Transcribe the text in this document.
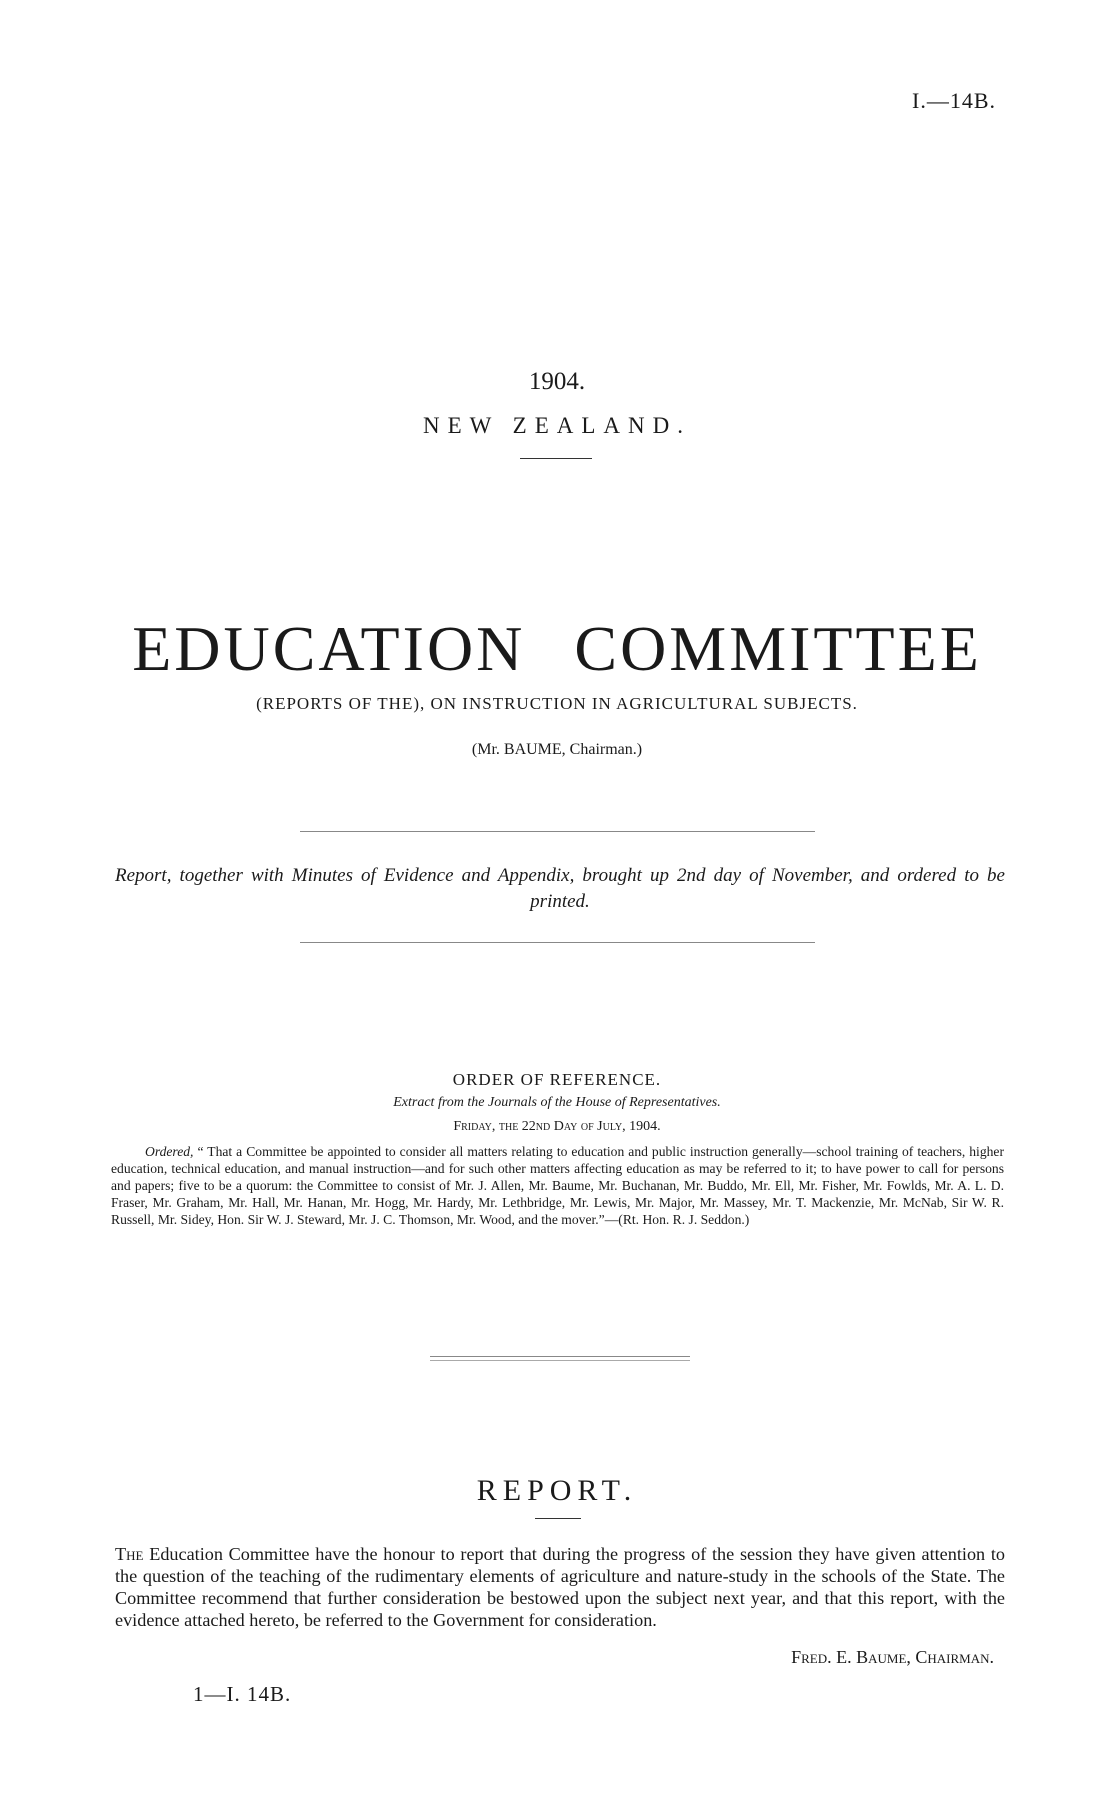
I.—14B.
1904.
NEW ZEALAND.
EDUCATION COMMITTEE
(REPORTS OF THE), ON INSTRUCTION IN AGRICULTURAL SUBJECTS.
(Mr. BAUME, Chairman.)
Report, together with Minutes of Evidence and Appendix, brought up 2nd day of November, and ordered to be printed.
ORDER OF REFERENCE.
Extract from the Journals of the House of Representatives.
Friday, the 22nd Day of July, 1904.
Ordered, “ That a Committee be appointed to consider all matters relating to education and public instruction generally—school training of teachers, higher education, technical education, and manual instruction—and for such other matters affecting education as may be referred to it; to have power to call for persons and papers; five to be a quorum: the Committee to consist of Mr. J. Allen, Mr. Baume, Mr. Buchanan, Mr. Buddo, Mr. Ell, Mr. Fisher, Mr. Fowlds, Mr. A. L. D. Fraser, Mr. Graham, Mr. Hall, Mr. Hanan, Mr. Hogg, Mr. Hardy, Mr. Lethbridge, Mr. Lewis, Mr. Major, Mr. Massey, Mr. T. Mackenzie, Mr. McNab, Sir W. R. Russell, Mr. Sidey, Hon. Sir W. J. Steward, Mr. J. C. Thomson, Mr. Wood, and the mover.”—(Rt. Hon. R. J. Seddon.)
REPORT.
The Education Committee have the honour to report that during the progress of the session they have given attention to the question of the teaching of the rudimentary elements of agriculture and nature-study in the schools of the State. The Committee recommend that further consideration be bestowed upon the subject next year, and that this report, with the evidence attached hereto, be referred to the Government for consideration.
Fred. E. Baume, Chairman.
1—I. 14B.
